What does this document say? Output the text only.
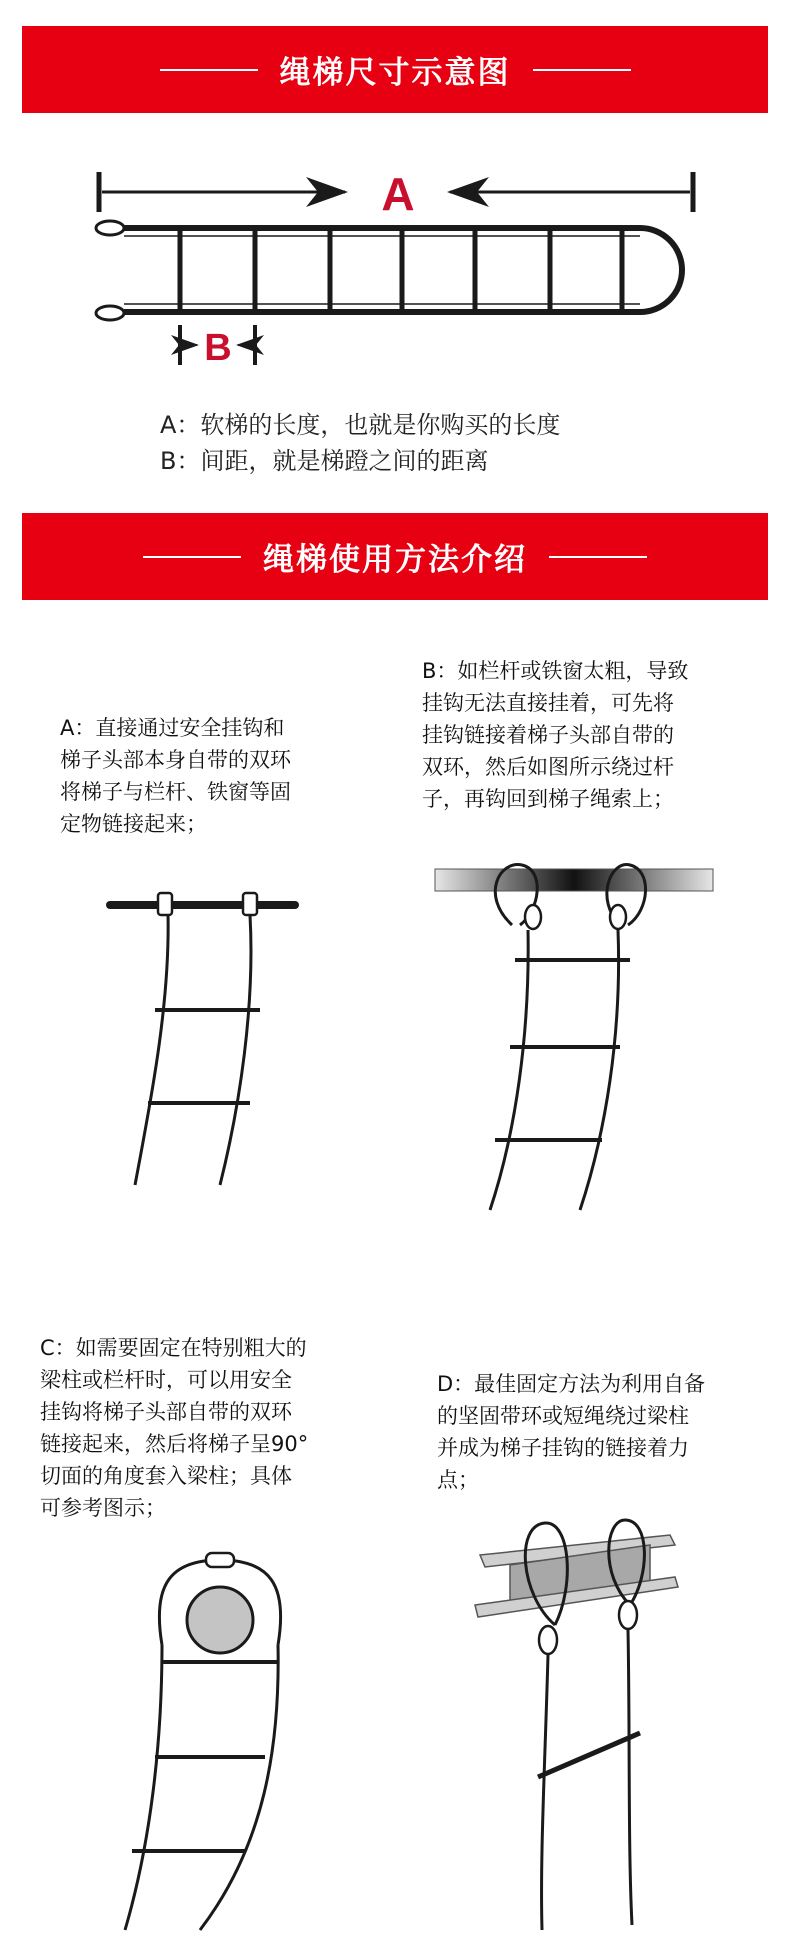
绳梯尺寸示意图
A
B
A：软梯的长度，也就是你购买的长度
B：间距，就是梯蹬之间的距离
绳梯使用方法介绍
A：直接通过安全挂钩和
梯子头部本身自带的双环
将梯子与栏杆、铁窗等固
定物链接起来；
B：如栏杆或铁窗太粗，导致
挂钩无法直接挂着，可先将
挂钩链接着梯子头部自带的
双环，然后如图所示绕过杆
子，再钩回到梯子绳索上；
C：如需要固定在特别粗大的
梁柱或栏杆时，可以用安全
挂钩将梯子头部自带的双环
链接起来，然后将梯子呈90°
切面的角度套入梁柱；具体
可参考图示；
D：最佳固定方法为利用自备
的坚固带环或短绳绕过梁柱
并成为梯子挂钩的链接着力
点；
